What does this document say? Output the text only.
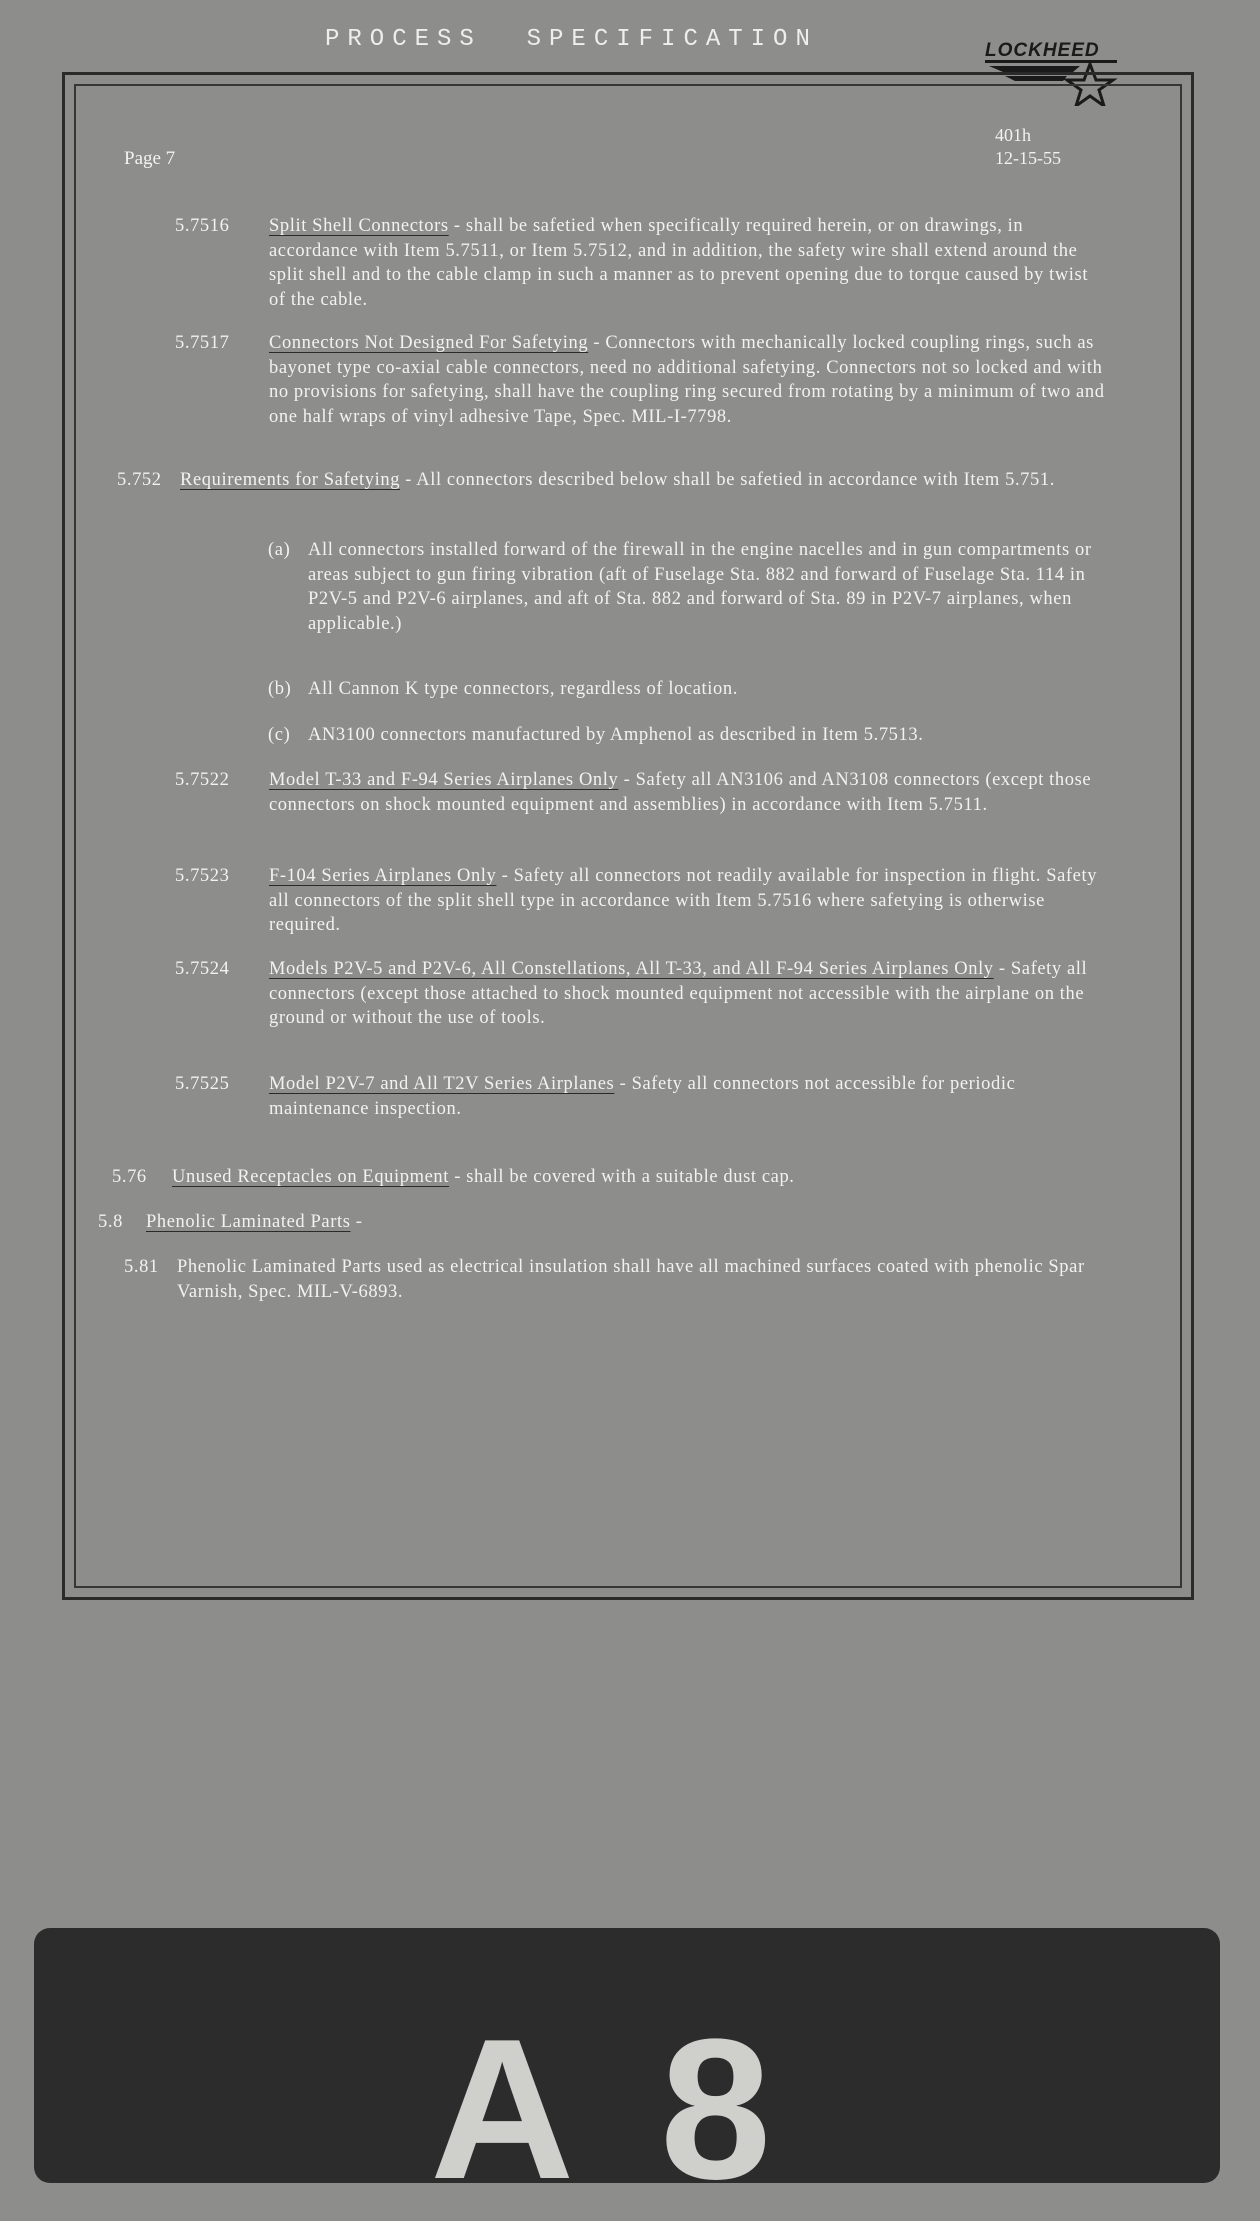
PROCESS  SPECIFICATION	LOCKHEED
Page 7
401h
12-15-55
5.7516 Split Shell Connectors - shall be safetied when specifically required herein, or on drawings, in accordance with Item 5.7511, or Item 5.7512, and in addition, the safety wire shall extend around the split shell and to the cable clamp in such a manner as to prevent opening due to torque caused by twist of the cable.
5.7517 Connectors Not Designed For Safetying - Connectors with mechanically locked coupling rings, such as bayonet type co-axial cable connectors, need no additional safetying. Connectors not so locked and with no provisions for safetying, shall have the coupling ring secured from rotating by a minimum of two and one half wraps of vinyl adhesive Tape, Spec. MIL-I-7798.
5.752 Requirements for Safetying - All connectors described below shall be safetied in accordance with Item 5.751.
(a) All connectors installed forward of the firewall in the engine nacelles and in gun compartments or areas subject to gun firing vibration (aft of Fuselage Sta. 882 and forward of Fuselage Sta. 114 in P2V-5 and P2V-6 airplanes, and aft of Sta. 882 and forward of Sta. 89 in P2V-7 airplanes, when applicable.)
(b) All Cannon K type connectors, regardless of location.
(c) AN3100 connectors manufactured by Amphenol as described in Item 5.7513.
5.7522 Model T-33 and F-94 Series Airplanes Only - Safety all AN3106 and AN3108 connectors (except those connectors on shock mounted equipment and assemblies) in accordance with Item 5.7511.
5.7523 F-104 Series Airplanes Only - Safety all connectors not readily available for inspection in flight. Safety all connectors of the split shell type in accordance with Item 5.7516 where safetying is otherwise required.
5.7524 Models P2V-5 and P2V-6, All Constellations, All T-33, and All F-94 Series Airplanes Only - Safety all connectors (except those attached to shock mounted equipment not accessible with the airplane on the ground or without the use of tools.
5.7525 Model P2V-7 and All T2V Series Airplanes - Safety all connectors not accessible for periodic maintenance inspection.
5.76 Unused Receptacles on Equipment - shall be covered with a suitable dust cap.
5.8 Phenolic Laminated Parts -
5.81 Phenolic Laminated Parts used as electrical insulation shall have all machined surfaces coated with phenolic Spar Varnish, Spec. MIL-V-6893.
A 8
